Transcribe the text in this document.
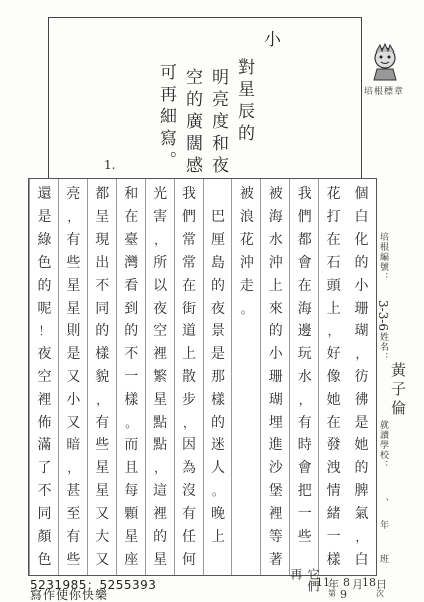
小
對星辰的
明亮度和夜
空的廣闊感
可再細寫。
1.
培根標章
個
白
化
的
小
珊
瑚
，
彷
彿
是
她
的
脾
氣
，
白
花
打
在
石
頭
上
，
好
像
她
在
發
洩
情
緒
一
樣
我
們
都
會
在
海
邊
玩
水
，
有
時
會
把
一
些
被
海
水
沖
上
來
的
小
珊
瑚
埋
進
沙
堡
裡
等
著
被
浪
花
沖
走
。
巴
厘
島
的
夜
景
是
那
樣
的
迷
人
。
晚
上
我
們
常
常
在
街
道
上
散
步
，
因
為
沒
有
任
何
光
害
，
所
以
夜
空
裡
繁
星
點
點
，
這
裡
的
星
和
在
臺
灣
看
到
的
不
一
樣
。
而
且
每
顆
星
座
都
呈
現
出
不
同
的
樣
貌
，
有
些
星
星
又
大
又
亮
，
有
些
星
星
則
是
又
小
又
暗
，
甚
至
有
些
還
是
綠
色
的
呢
！
夜
空
裡
佈
滿
了
不
同
顏
色
培根編號：
3-3-6
姓名：
黃子倫
就讀學校：
、
年
班
它們再
11
年
第
8 月 18 日
9	次
5231985：5255393
寫作使你快樂
